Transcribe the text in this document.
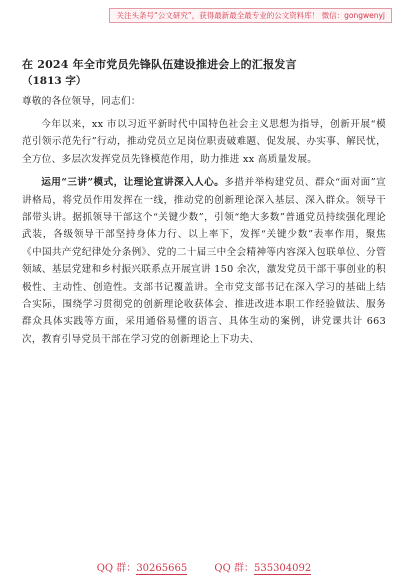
关注头条号“公文研究”，获得最新最全最专业的公文资料库！ 微信：gongwenyj

在 2024 年全市党员先锋队伍建设推进会上的汇报发言

（1813 字）

尊敬的各位领导，同志们：

今年以来，xx 市以习近平新时代中国特色社会主义思想为指导，创新开展“模范引领示范先行”行动，推动党员立足岗位职责破难题、促发展、办实事、解民忧，全方位、多层次发挥党员先锋模范作用，助力推进 xx 高质量发展。

运用“三讲”模式，让理论宣讲深入人心。多措并举构建党员、群众“面对面”宣讲格局，将党员作用发挥在一线，推动党的创新理论深入基层、深入群众。领导干部带头讲。据抓领导干部这个“关键少数”，引领“绝大多数”普通党员持续强化理论武装，各级领导干部坚持身体力行、以上率下，发挥“关键少数”表率作用，聚焦《中国共产党纪律处分条例》、党的二十届三中全会精神等内容深入包联单位、分管领域、基层党建和乡村振兴联系点开展宣讲 150 余次，激发党员干部干事创业的积极性、主动性、创造性。支部书记覆盖讲。全市党支部书记在深入学习的基础上结合实际，围绕学习贯彻党的创新理论收获体会、推进改进本职工作经验做法、服务群众具体实践等方面，采用通俗易懂的语言、具体生动的案例，讲党课共计 663 次，教育引导党员干部在学习党的创新理论上下功夫、

QQ 群：30265665	QQ 群：535304092
